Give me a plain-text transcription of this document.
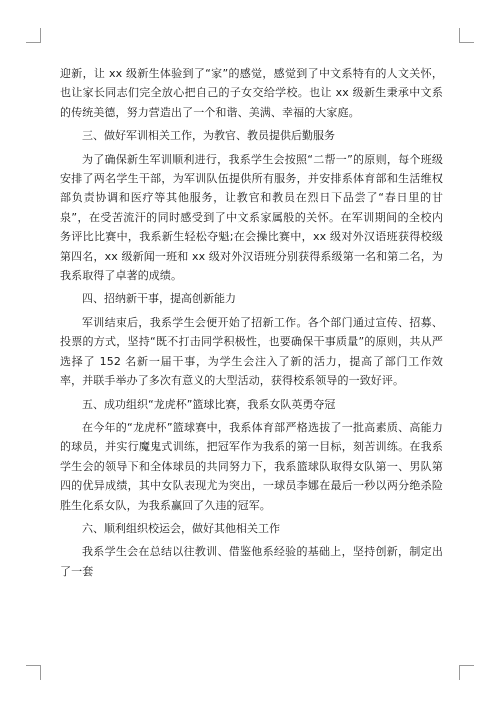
迎新，让 xx 级新生体验到了“家”的感觉，感觉到了中文系特有的人文关怀，也让家长同志们完全放心把自己的子女交给学校。也让 xx 级新生秉承中文系的传统美德，努力营造出了一个和谐、美满、幸福的大家庭。

三、做好军训相关工作，为教官、教员提供后勤服务

为了确保新生军训顺利进行，我系学生会按照“二帮一”的原则，每个班级安排了两名学生干部，为军训队伍提供所有服务，并安排系体育部和生活维权部负责协调和医疗等其他服务，让教官和教员在烈日下品尝了“春日里的甘泉”，在受苦流汗的同时感受到了中文系家属般的关怀。在军训期间的全校内务评比比赛中，我系新生轻松夺魁;在会操比赛中，xx 级对外汉语班获得校级第四名，xx 级新闻一班和 xx 级对外汉语班分别获得系级第一名和第二名，为我系取得了卓著的成绩。

四、招纳新干事，提高创新能力

军训结束后，我系学生会便开始了招新工作。各个部门通过宣传、招募、投票的方式，坚持“既不打击同学积极性，也要确保干事质量”的原则，共从严选择了 152 名新一届干事，为学生会注入了新的活力，提高了部门工作效率，并联手举办了多次有意义的大型活动，获得校系领导的一致好评。

五、成功组织“龙虎杯”篮球比赛，我系女队英勇夺冠

在今年的“龙虎杯”篮球赛中，我系体育部严格选拔了一批高素质、高能力的球员，并实行魔鬼式训练，把冠军作为我系的第一目标，刻苦训练。在我系学生会的领导下和全体球员的共同努力下，我系篮球队取得女队第一、男队第四的优异成绩，其中女队表现尤为突出，一球员李娜在最后一秒以两分绝杀险胜生化系女队，为我系赢回了久违的冠军。

六、顺利组织校运会，做好其他相关工作

我系学生会在总结以往教训、借鉴他系经验的基础上，坚持创新，制定出了一套
